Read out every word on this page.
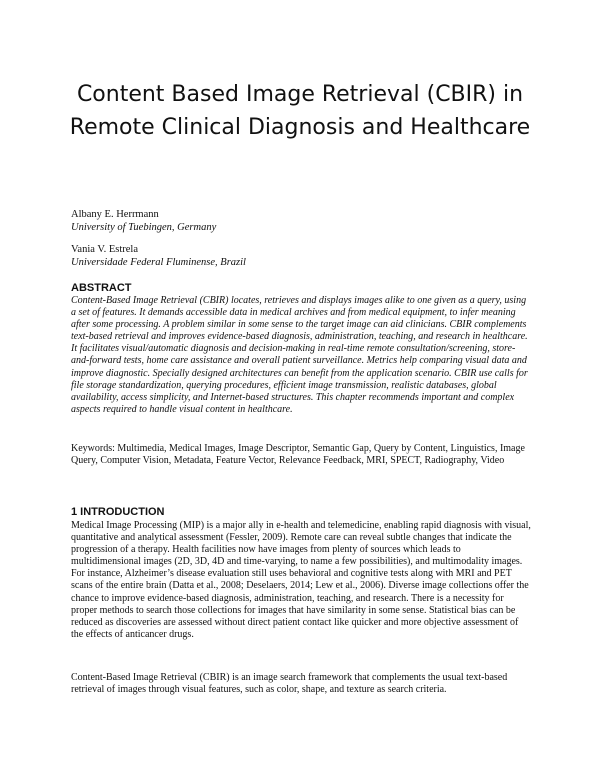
Content Based Image Retrieval (CBIR) in Remote Clinical Diagnosis and Healthcare
Albany E. Herrmann
University of Tuebingen, Germany
Vania V. Estrela
Universidade Federal Fluminense, Brazil
ABSTRACT

Content-Based Image Retrieval (CBIR) locates, retrieves and displays images alike to one given as a query, using a set of features. It demands accessible data in medical archives and from medical equipment, to infer meaning after some processing. A problem similar in some sense to the target image can aid clinicians. CBIR complements text-based retrieval and improves evidence-based diagnosis, administration, teaching, and research in healthcare. It facilitates visual/automatic diagnosis and decision-making in real-time remote consultation/screening, store-and-forward tests, home care assistance and overall patient surveillance. Metrics help comparing visual data and improve diagnostic. Specially designed architectures can benefit from the application scenario. CBIR use calls for file storage standardization, querying procedures, efficient image transmission, realistic databases, global availability, access simplicity, and Internet-based structures. This chapter recommends important and complex aspects required to handle visual content in healthcare.

Keywords: Multimedia, Medical Images, Image Descriptor, Semantic Gap, Query by Content, Linguistics, Image Query, Computer Vision, Metadata, Feature Vector, Relevance Feedback, MRI, SPECT, Radiography, Video

1 INTRODUCTION

Medical Image Processing (MIP) is a major ally in e-health and telemedicine, enabling rapid diagnosis with visual, quantitative and analytical assessment (Fessler, 2009). Remote care can reveal subtle changes that indicate the progression of a therapy. Health facilities now have images from plenty of sources which leads to multidimensional images (2D, 3D, 4D and time-varying, to name a few possibilities), and multimodality images. For instance, Alzheimer’s disease evaluation still uses behavioral and cognitive tests along with MRI and PET scans of the entire brain (Datta et al., 2008; Deselaers, 2014; Lew et al., 2006). Diverse image collections offer the chance to improve evidence-based diagnosis, administration, teaching, and research. There is a necessity for proper methods to search those collections for images that have similarity in some sense. Statistical bias can be reduced as discoveries are assessed without direct patient contact like quicker and more objective assessment of the effects of anticancer drugs.

Content-Based Image Retrieval (CBIR) is an image search framework that complements the usual text-based retrieval of images through visual features, such as color, shape, and texture as search criteria.
